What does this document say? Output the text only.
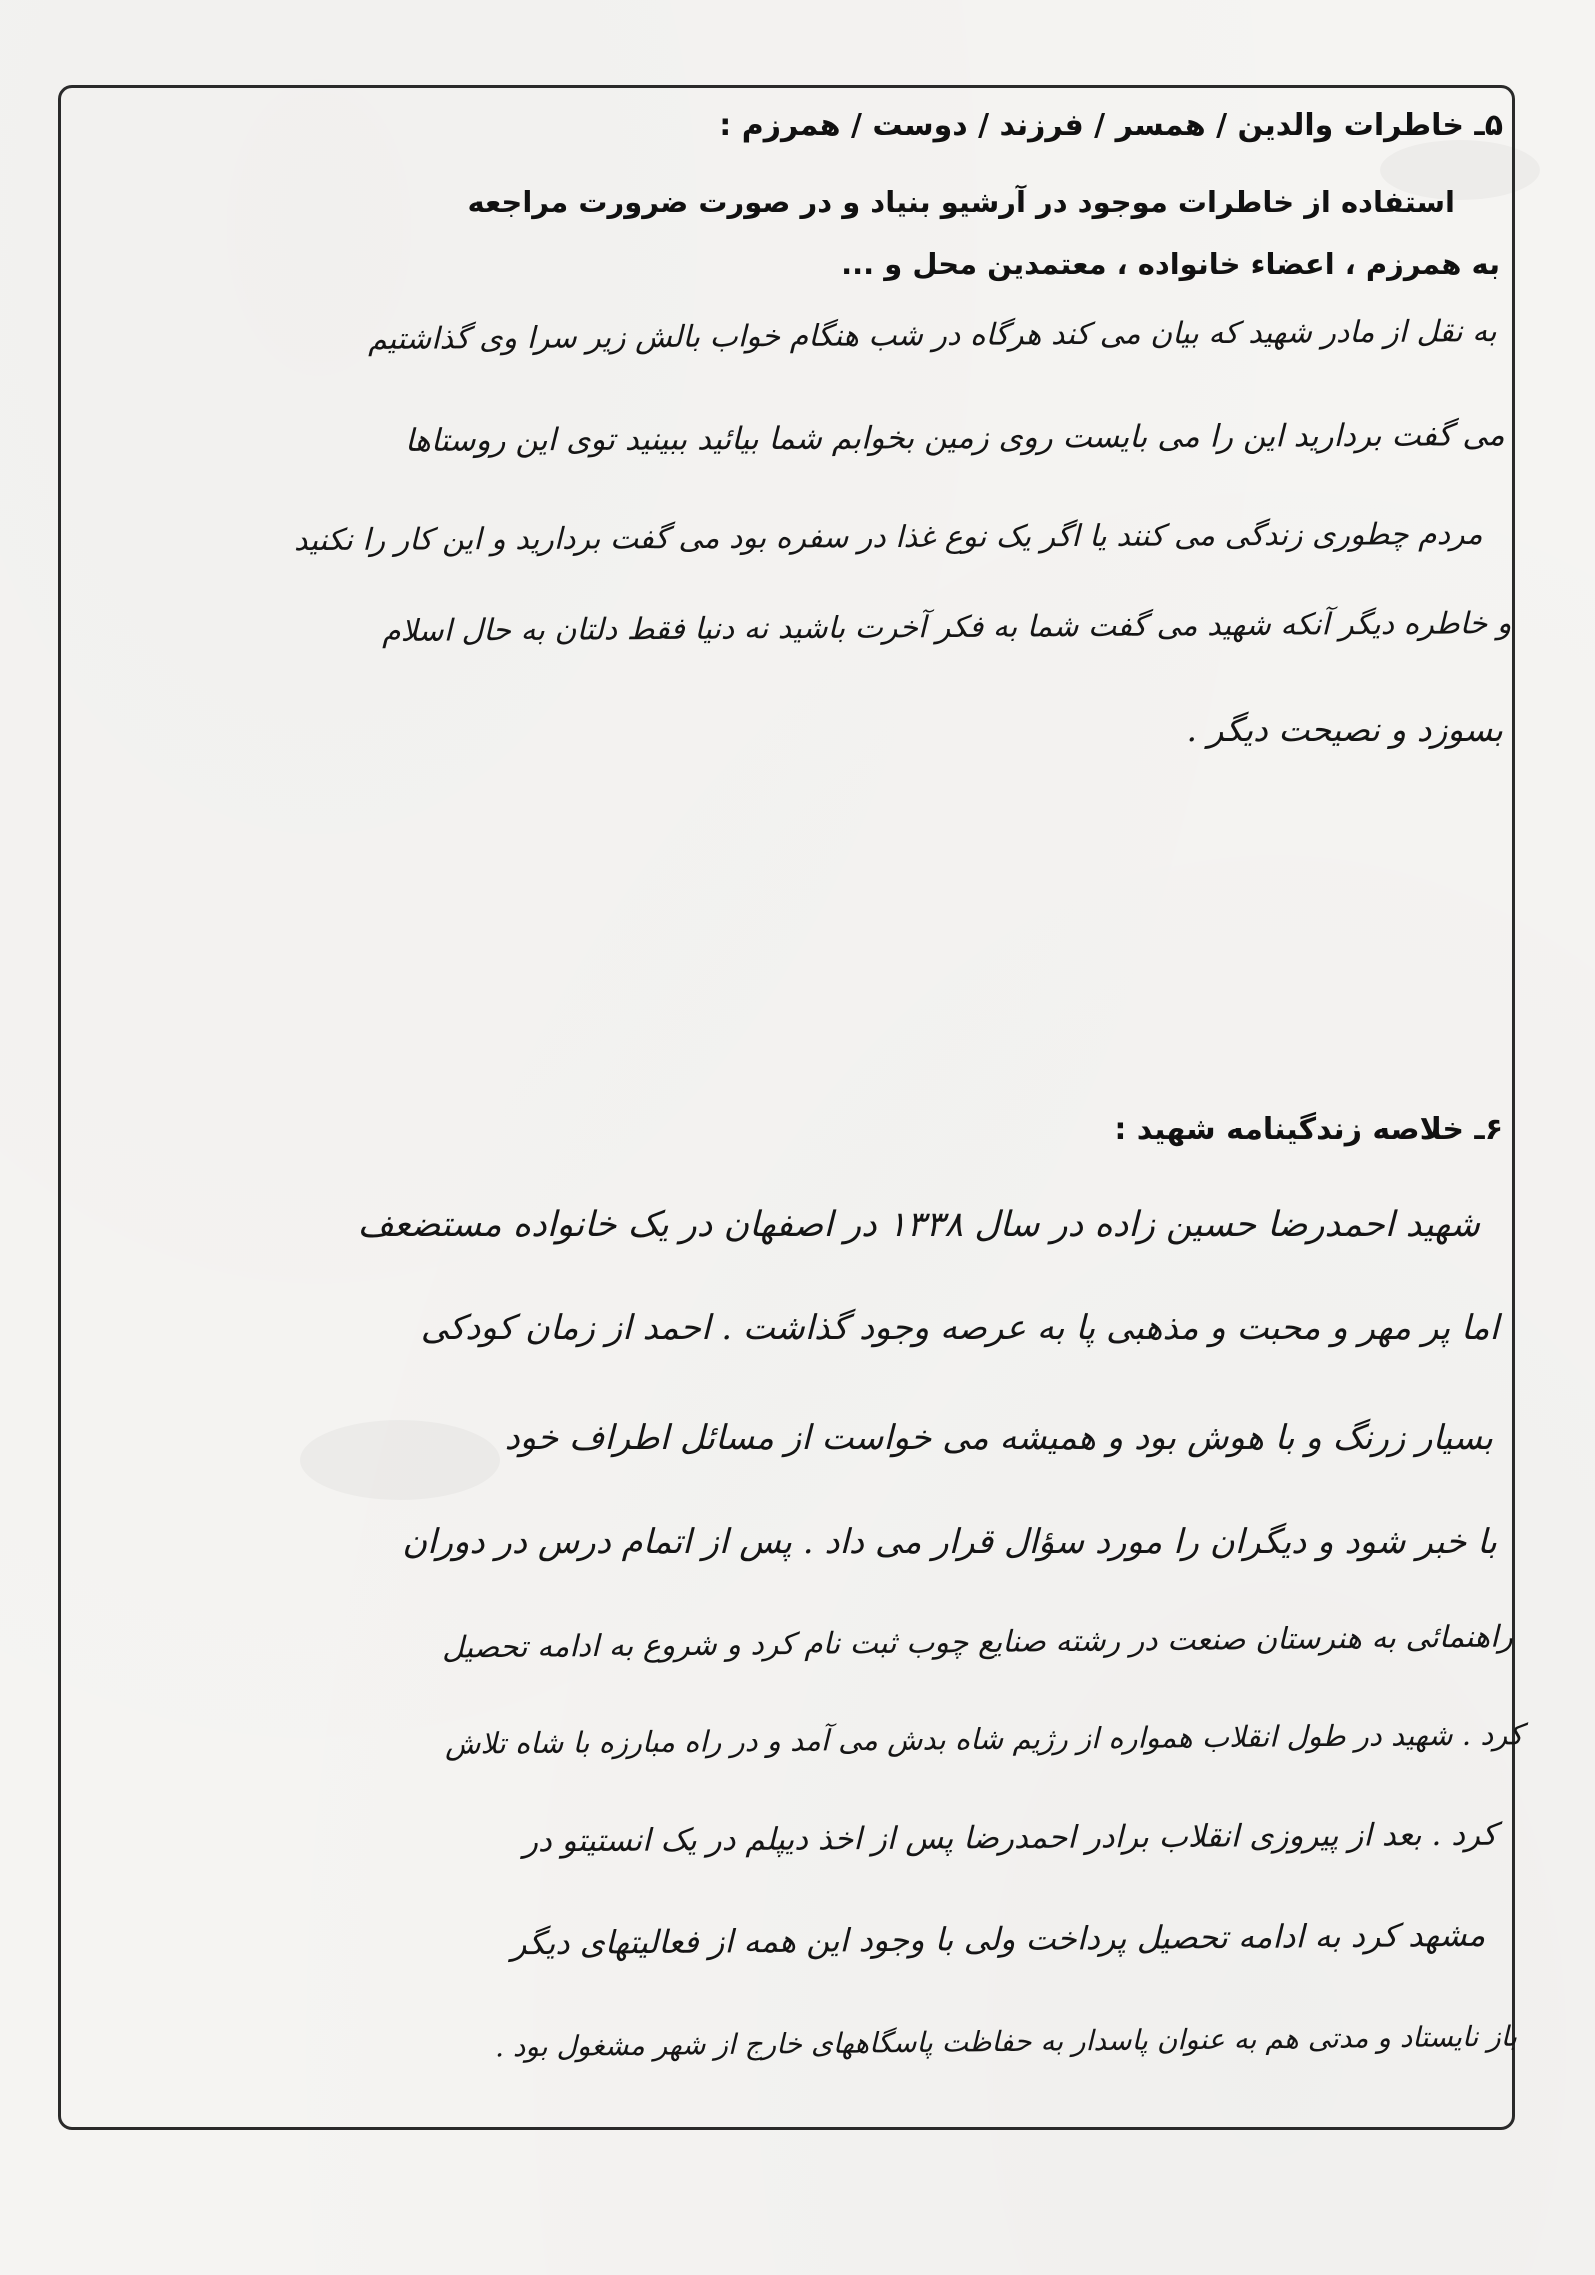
۵ـ خاطرات والدین / همسر / فرزند / دوست / همرزم :
استفاده از خاطرات موجود در آرشیو بنیاد و در صورت ضرورت مراجعه
به همرزم ، اعضاء خانواده ، معتمدین محل و ...
به نقل از مادر شهید که بیان می کند هرگاه در شب هنگام خواب بالش زیر سرا وی گذاشتیم
می گفت بردارید این را می بایست روی زمین بخوابم شما بیائید ببینید توی این روستاها
مردم چطوری زندگی می کنند یا اگر یک نوع غذا در سفره بود می گفت بردارید و این کار را نکنید
و خاطره دیگر آنکه شهید می گفت شما به فکر آخرت باشید نه دنیا فقط دلتان به حال اسلام
بسوزد و نصیحت دیگر .
۶ـ خلاصه زندگینامه شهید :
شهید احمدرضا حسین زاده در سال ۱۳۳۸ در اصفهان در یک خانواده مستضعف
اما پر مهر و محبت و مذهبی پا به عرصه وجود گذاشت . احمد از زمان کودکی
بسیار زرنگ و با هوش بود و همیشه می خواست از مسائل اطراف خود
با خبر شود و دیگران را مورد سؤال قرار می داد . پس از اتمام درس در دوران
راهنمائی به هنرستان صنعت در رشته صنایع چوب ثبت نام کرد و شروع به ادامه تحصیل
کرد . شهید در طول انقلاب همواره از رژیم شاه بدش می آمد و در راه مبارزه با شاه تلاش
کرد . بعد از پیروزی انقلاب برادر احمدرضا پس از اخذ دیپلم در یک انستیتو در
مشهد کرد به ادامه تحصیل پرداخت ولی با وجود این همه از فعالیتهای دیگر
باز نایستاد و مدتی هم به عنوان پاسدار به حفاظت پاسگاههای خارج از شهر مشغول بود .
